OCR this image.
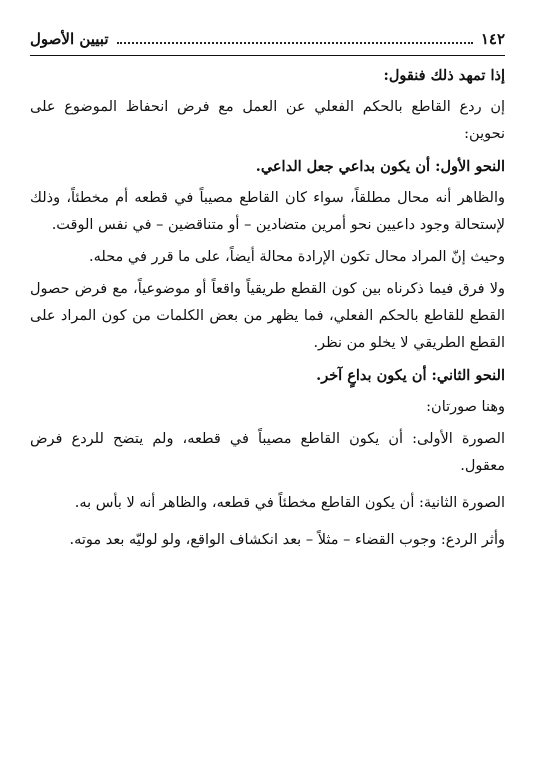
١٤٢
تبيين الأصول

إذا تمهد ذلك فنقول:

إن ردع القاطع بالحكم الفعلي عن العمل مع فرض انحفاظ الموضوع على نحوين:

النحو الأول: أن يكون بداعي جعل الداعي.

والظاهر أنه محال مطلقاً، سواء كان القاطع مصيباً في قطعه أم مخطئاً، وذلك لإستحالة وجود داعيين نحو أمرين متضادين – أو متناقضين – في نفس الوقت.

وحيث إنّ المراد محال تكون الإرادة محالة أيضاً، على ما قرر في محله.

ولا فرق فيما ذكرناه بين كون القطع طريقياً واقعاً أو موضوعياً، مع فرض حصول القطع للقاطع بالحكم الفعلي، فما يظهر من بعض الكلمات من كون المراد على القطع الطريقي لا يخلو من نظر.

النحو الثاني: أن يكون بداعٍ آخر.

وهنا صورتان:

الصورة الأولى: أن يكون القاطع مصيباً في قطعه، ولم يتضح للردع فرض معقول.

الصورة الثانية: أن يكون القاطع مخطئاً في قطعه، والظاهر أنه لا بأس به.

وأثر الردع: وجوب القضاء – مثلاً – بعد انكشاف الواقع، ولو لوليّه بعد موته.
